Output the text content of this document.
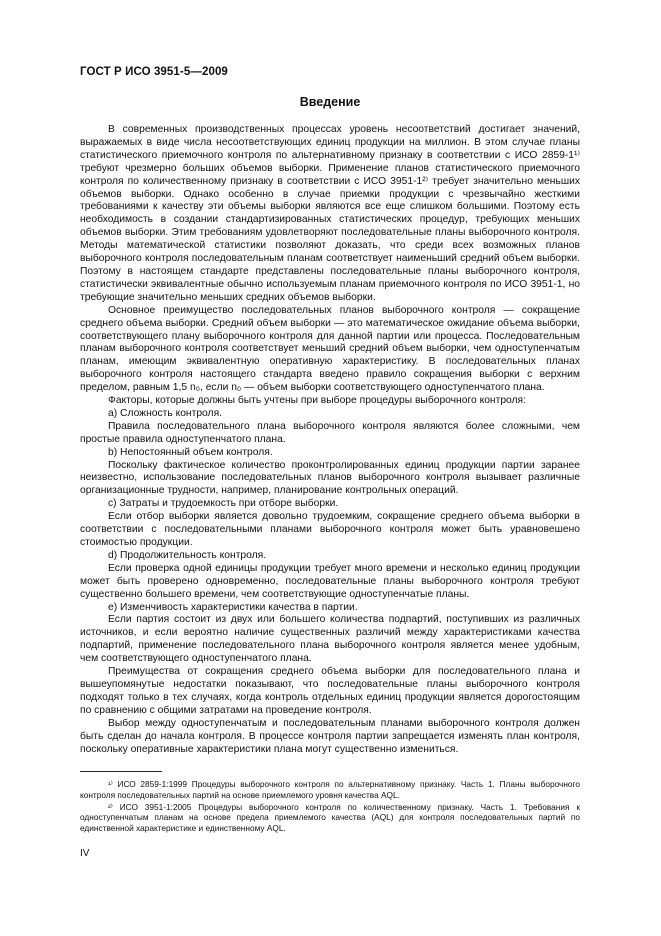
ГОСТ Р ИСО 3951-5—2009
Введение

В современных производственных процессах уровень несоответствий достигает значений, выражаемых в виде числа несоответствующих единиц продукции на миллион. В этом случае планы статистического приемочного контроля по альтернативному признаку в соответствии с ИСО 2859-1¹⁾ требуют чрезмерно больших объемов выборки. Применение планов статистического приемочного контроля по количественному признаку в соответствии с ИСО 3951-1²⁾ требует значительно меньших объемов выборки. Однако особенно в случае приемки продукции с чрезвычайно жесткими требованиями к качеству эти объемы выборки являются все еще слишком большими. Поэтому есть необходимость в создании стандартизированных статистических процедур, требующих меньших объемов выборки. Этим требованиям удовлетворяют последовательные планы выборочного контроля. Методы математической статистики позволяют доказать, что среди всех возможных планов выборочного контроля последовательным планам соответствует наименьший средний объем выборки. Поэтому в настоящем стандарте представлены последовательные планы выборочного контроля, статистически эквивалентные обычно используемым планам приемочного контроля по ИСО 3951-1, но требующие значительно меньших средних объемов выборки.

Основное преимущество последовательных планов выборочного контроля — сокращение среднего объема выборки. Средний объем выборки — это математическое ожидание объема выборки, соответствующего плану выборочного контроля для данной партии или процесса. Последовательным планам выборочного контроля соответствует меньший средний объем выборки, чем одноступенчатым планам, имеющим эквивалентную оперативную характеристику. В последовательных планах выборочного контроля настоящего стандарта введено правило сокращения выборки с верхним пределом, равным 1,5 n₀, если n₀ — объем выборки соответствующего одноступенчатого плана.

Факторы, которые должны быть учтены при выборе процедуры выборочного контроля:

a) Сложность контроля.

Правила последовательного плана выборочного контроля являются более сложными, чем простые правила одноступенчатого плана.

b) Непостоянный объем контроля.

Поскольку фактическое количество проконтролированных единиц продукции партии заранее неизвестно, использование последовательных планов выборочного контроля вызывает различные организационные трудности, например, планирование контрольных операций.

c) Затраты и трудоемкость при отборе выборки.

Если отбор выборки является довольно трудоемким, сокращение среднего объема выборки в соответствии с последовательными планами выборочного контроля может быть уравновешено стоимостью продукции.

d) Продолжительность контроля.

Если проверка одной единицы продукции требует много времени и несколько единиц продукции может быть проверено одновременно, последовательные планы выборочного контроля требуют существенно большего времени, чем соответствующие одноступенчатые планы.

e) Изменчивость характеристики качества в партии.

Если партия состоит из двух или большего количества подпартий, поступивших из различных источников, и если вероятно наличие существенных различий между характеристиками качества подпартий, применение последовательного плана выборочного контроля является менее удобным, чем соответствующего одноступенчатого плана.

Преимущества от сокращения среднего объема выборки для последовательного плана и вышеупомянутые недостатки показывают, что последовательные планы выборочного контроля подходят только в тех случаях, когда контроль отдельных единиц продукции является дорогостоящим по сравнению с общими затратами на проведение контроля.

Выбор между одноступенчатым и последовательным планами выборочного контроля должен быть сделан до начала контроля. В процессе контроля партии запрещается изменять план контроля, поскольку оперативные характеристики плана могут существенно измениться.

¹⁾ ИСО 2859-1:1999 Процедуры выборочного контроля по альтернативному признаку. Часть 1. Планы выборочного контроля последовательных партий на основе приемлемого уровня качества AQL.

²⁾ ИСО 3951-1:2005 Процедуры выборочного контроля по количественному признаку. Часть 1. Требования к одноступенчатым планам на основе предела приемлемого качества (AQL) для контроля последовательных партий по единственной характеристике и единственному AQL.

IV
